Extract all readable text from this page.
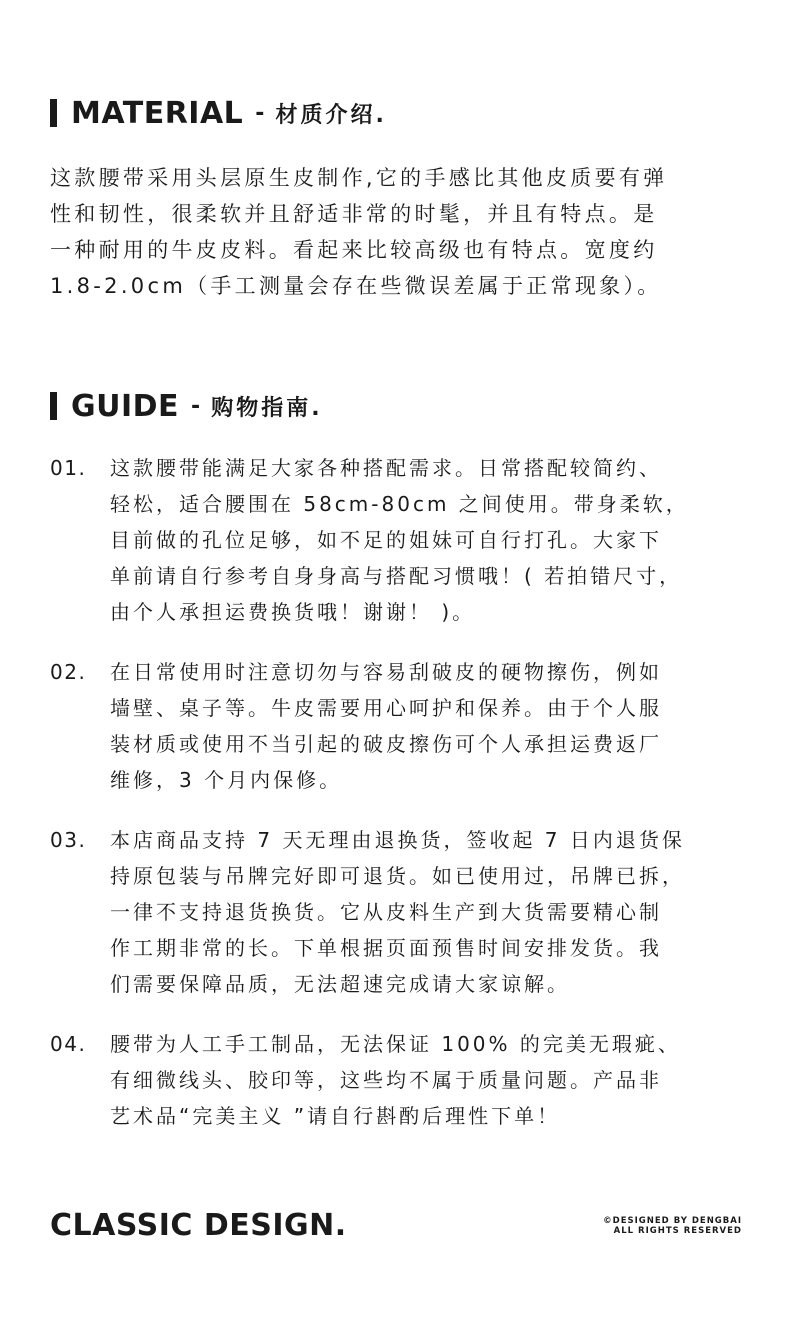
MATERIAL - 材质介绍.

这款腰带采用头层原生皮制作,它的手感比其他皮质要有弹
性和韧性，很柔软并且舒适非常的时髦，并且有特点。是
一种耐用的牛皮皮料。看起来比较高级也有特点。宽度约
1.8-2.0cm（手工测量会存在些微误差属于正常现象）。

GUIDE - 购物指南.
01. 这款腰带能满足大家各种搭配需求。日常搭配较简约、
轻松，适合腰围在 58cm-80cm 之间使用。带身柔软，
目前做的孔位足够，如不足的姐妹可自行打孔。大家下
单前请自行参考自身身高与搭配习惯哦！( 若拍错尺寸，
由个人承担运费换货哦！谢谢！ )。
02. 在日常使用时注意切勿与容易刮破皮的硬物擦伤，例如
墙壁、桌子等。牛皮需要用心呵护和保养。由于个人服
装材质或使用不当引起的破皮擦伤可个人承担运费返厂
维修，3 个月内保修。
03. 本店商品支持 7 天无理由退换货，签收起 7 日内退货保
持原包装与吊牌完好即可退货。如已使用过，吊牌已拆，
一律不支持退货换货。它从皮料生产到大货需要精心制
作工期非常的长。下单根据页面预售时间安排发货。我
们需要保障品质，无法超速完成请大家谅解。
04. 腰带为人工手工制品，无法保证 100% 的完美无瑕疵、
有细微线头、胶印等，这些均不属于质量问题。产品非
艺术品“完美主义 ”请自行斟酌后理性下单！
CLASSIC DESIGN.	©DESIGNED BY DENGBAI
ALL RIGHTS RESERVED
